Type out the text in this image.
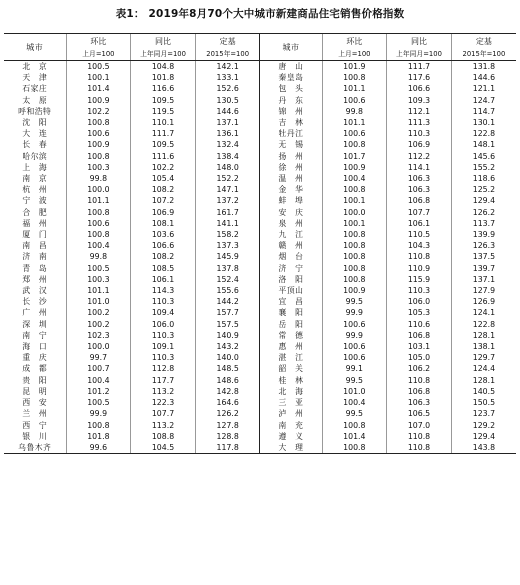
表1： 2019年8月70个大中城市新建商品住宅销售价格指数
城市	环比	同比	定基	城市	环比	同比	定基
	上月=100	上年同月=100	2015年=100		上月=100	上年同月=100	2015年=100
北　京	100.5	104.8	142.1	唐　山	101.9	111.7	131.8
天　津	100.1	101.8	133.1	秦皇岛	100.8	117.6	144.6
石家庄	101.4	116.6	152.6	包　头	101.1	106.6	121.1
太　原	100.9	109.5	130.5	丹　东	100.6	109.3	124.7
呼和浩特	102.2	119.5	144.6	锦　州	99.8	112.1	114.7
沈　阳	100.8	110.1	137.1	吉　林	101.1	111.3	130.1
大　连	100.6	111.7	136.1	牡丹江	100.6	110.3	122.8
长　春	100.9	109.5	132.4	无　锡	100.8	106.9	148.1
哈尔滨	100.8	111.6	138.4	扬　州	101.7	112.2	145.6
上　海	100.3	102.2	148.0	徐　州	100.9	114.1	155.2
南　京	99.8	105.4	152.2	温　州	100.4	106.3	118.6
杭　州	100.0	108.2	147.1	金　华	100.8	106.3	125.2
宁　波	101.1	107.2	137.2	蚌　埠	100.1	106.8	129.4
合　肥	100.8	106.9	161.7	安　庆	100.0	107.7	126.2
福　州	100.6	108.1	141.1	泉　州	100.1	106.1	113.7
厦　门	100.8	103.6	158.2	九　江	100.8	110.5	139.9
南　昌	100.4	106.6	137.3	赣　州	100.8	104.3	126.3
济　南	99.8	108.2	145.9	烟　台	100.8	110.8	137.5
青　岛	100.5	108.5	137.8	济　宁	100.8	110.9	139.7
郑　州	100.3	106.1	152.4	洛　阳	100.8	115.9	137.1
武　汉	101.1	114.3	155.6	平顶山	100.9	110.3	127.9
长　沙	101.0	110.3	144.2	宜　昌	99.5	106.0	126.9
广　州	100.2	109.4	157.7	襄　阳	99.9	105.3	124.1
深　圳	100.2	106.0	157.5	岳　阳	100.6	110.6	122.8
南　宁	102.3	110.3	140.9	常　德	99.9	106.8	128.1
海　口	100.0	109.1	143.2	惠　州	100.6	103.1	138.1
重　庆	99.7	110.3	140.0	湛　江	100.6	105.0	129.7
成　都	100.7	112.8	148.5	韶　关	99.1	106.2	124.4
贵　阳	100.4	117.7	148.6	桂　林	99.5	110.8	128.1
昆　明	101.2	113.2	142.8	北　海	101.0	106.8	140.5
西　安	100.5	122.3	164.6	三　亚	100.4	106.3	150.5
兰　州	99.9	107.7	126.2	泸　州	99.5	106.5	123.7
西　宁	100.8	113.2	127.8	南　充	100.8	107.0	129.2
银　川	101.8	108.8	128.8	遵　义	101.4	110.8	129.4
乌鲁木齐	99.6	104.5	117.8	大　理	100.8	110.8	143.8
